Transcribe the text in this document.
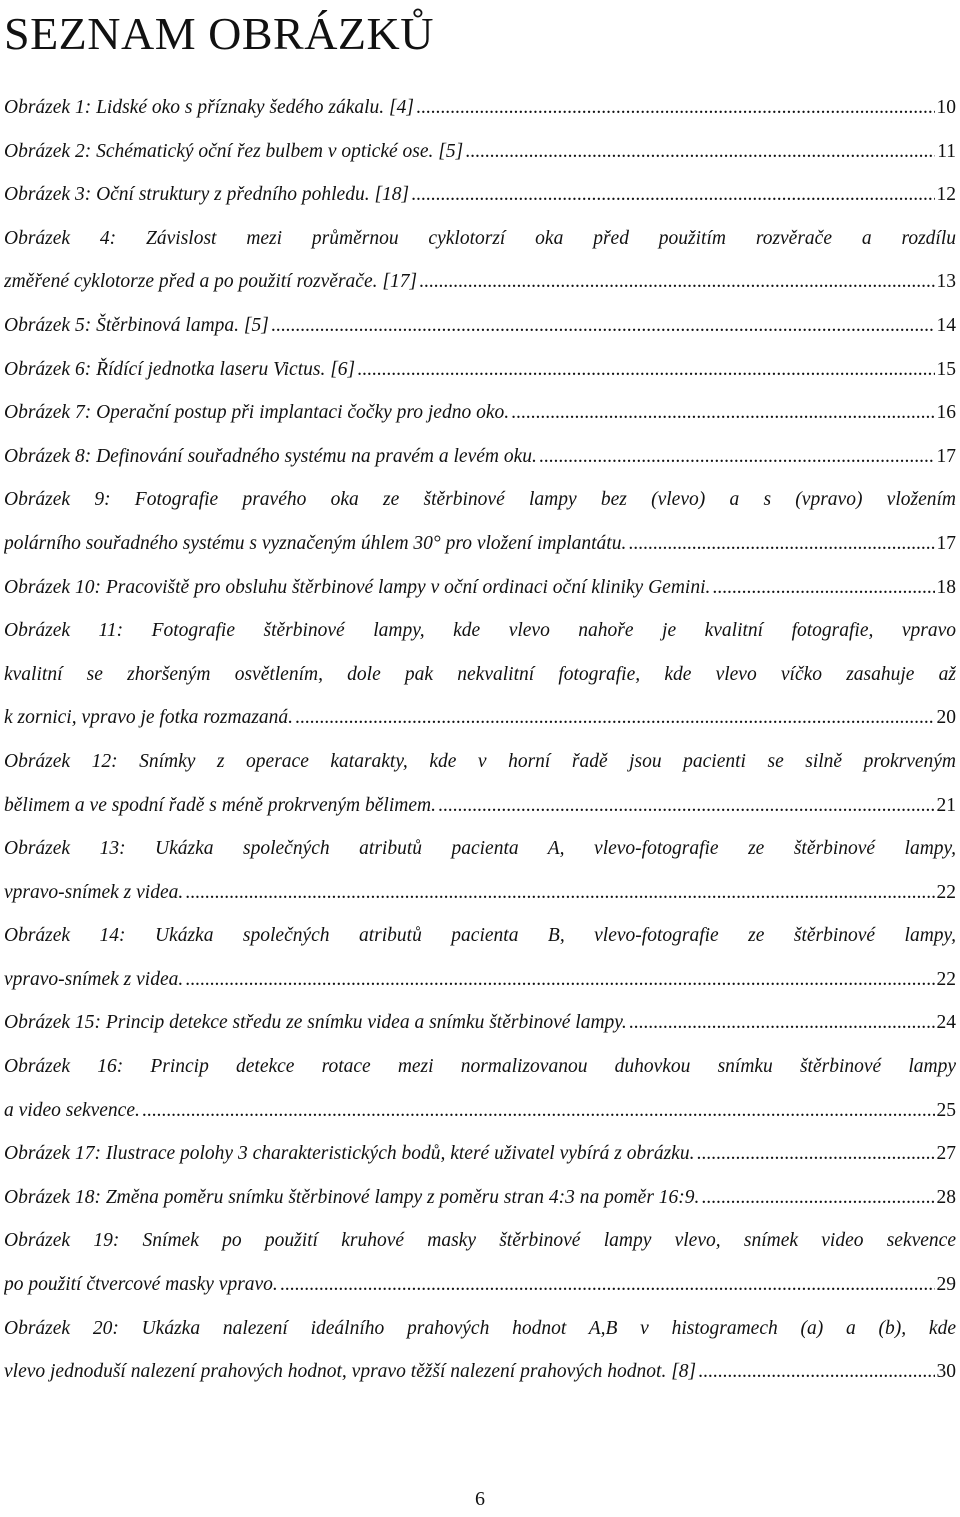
SEZNAM OBRÁZKŮ
Obrázek 1: Lidské oko s příznaky šedého zákalu. [4] .....	10
Obrázek 2: Schématický oční řez bulbem v optické ose. [5] .....	11
Obrázek 3: Oční struktury z předního pohledu. [18] .....	12
Obrázek 4: Závislost mezi průměrnou cyklotorzí oka před použitím rozvěrače a rozdílu
změřené cyklotorze před a po použití rozvěrače. [17] .....	13
Obrázek 5: Štěrbinová lampa. [5] .....	14
Obrázek 6: Řídící jednotka laseru Victus. [6] .....	15
Obrázek 7: Operační postup při implantaci čočky pro jedno oko. .....	16
Obrázek 8: Definování souřadného systému na pravém a levém oku. .....	17
Obrázek 9: Fotografie pravého oka ze štěrbinové lampy bez (vlevo) a s (vpravo) vložením
polárního souřadného systému s vyznačeným úhlem 30° pro vložení implantátu. .....	17
Obrázek 10: Pracoviště pro obsluhu štěrbinové lampy v oční ordinaci oční kliniky Gemini. .....	18
Obrázek 11: Fotografie štěrbinové lampy, kde vlevo nahoře je kvalitní fotografie, vpravo
kvalitní se zhoršeným osvětlením, dole pak nekvalitní fotografie, kde vlevo víčko zasahuje až
k zornici, vpravo je fotka rozmazaná. .....	20
Obrázek 12: Snímky z operace katarakty, kde v horní řadě jsou pacienti se silně prokrveným
bělimem a ve spodní řadě s méně prokrveným bělimem. .....	21
Obrázek 13: Ukázka společných atributů pacienta A, vlevo-fotografie ze štěrbinové lampy,
vpravo-snímek z videa. .....	22
Obrázek 14: Ukázka společných atributů pacienta B, vlevo-fotografie ze štěrbinové lampy,
vpravo-snímek z videa. .....	22
Obrázek 15: Princip detekce středu ze snímku videa a snímku štěrbinové lampy. .....	24
Obrázek 16: Princip detekce rotace mezi normalizovanou duhovkou snímku štěrbinové lampy
a video sekvence. .....	25
Obrázek 17: Ilustrace polohy 3 charakteristických bodů, které uživatel vybírá z obrázku. .....	27
Obrázek 18: Změna poměru snímku štěrbinové lampy z poměru stran 4:3 na poměr 16:9. .....	28
Obrázek 19: Snímek po použití kruhové masky štěrbinové lampy vlevo, snímek video sekvence
po použití čtvercové masky vpravo. .....	29
Obrázek 20: Ukázka nalezení ideálního prahových hodnot A,B v histogramech (a) a (b), kde
vlevo jednoduší nalezení prahových hodnot, vpravo těžší nalezení prahových hodnot. [8] .....	30
6
